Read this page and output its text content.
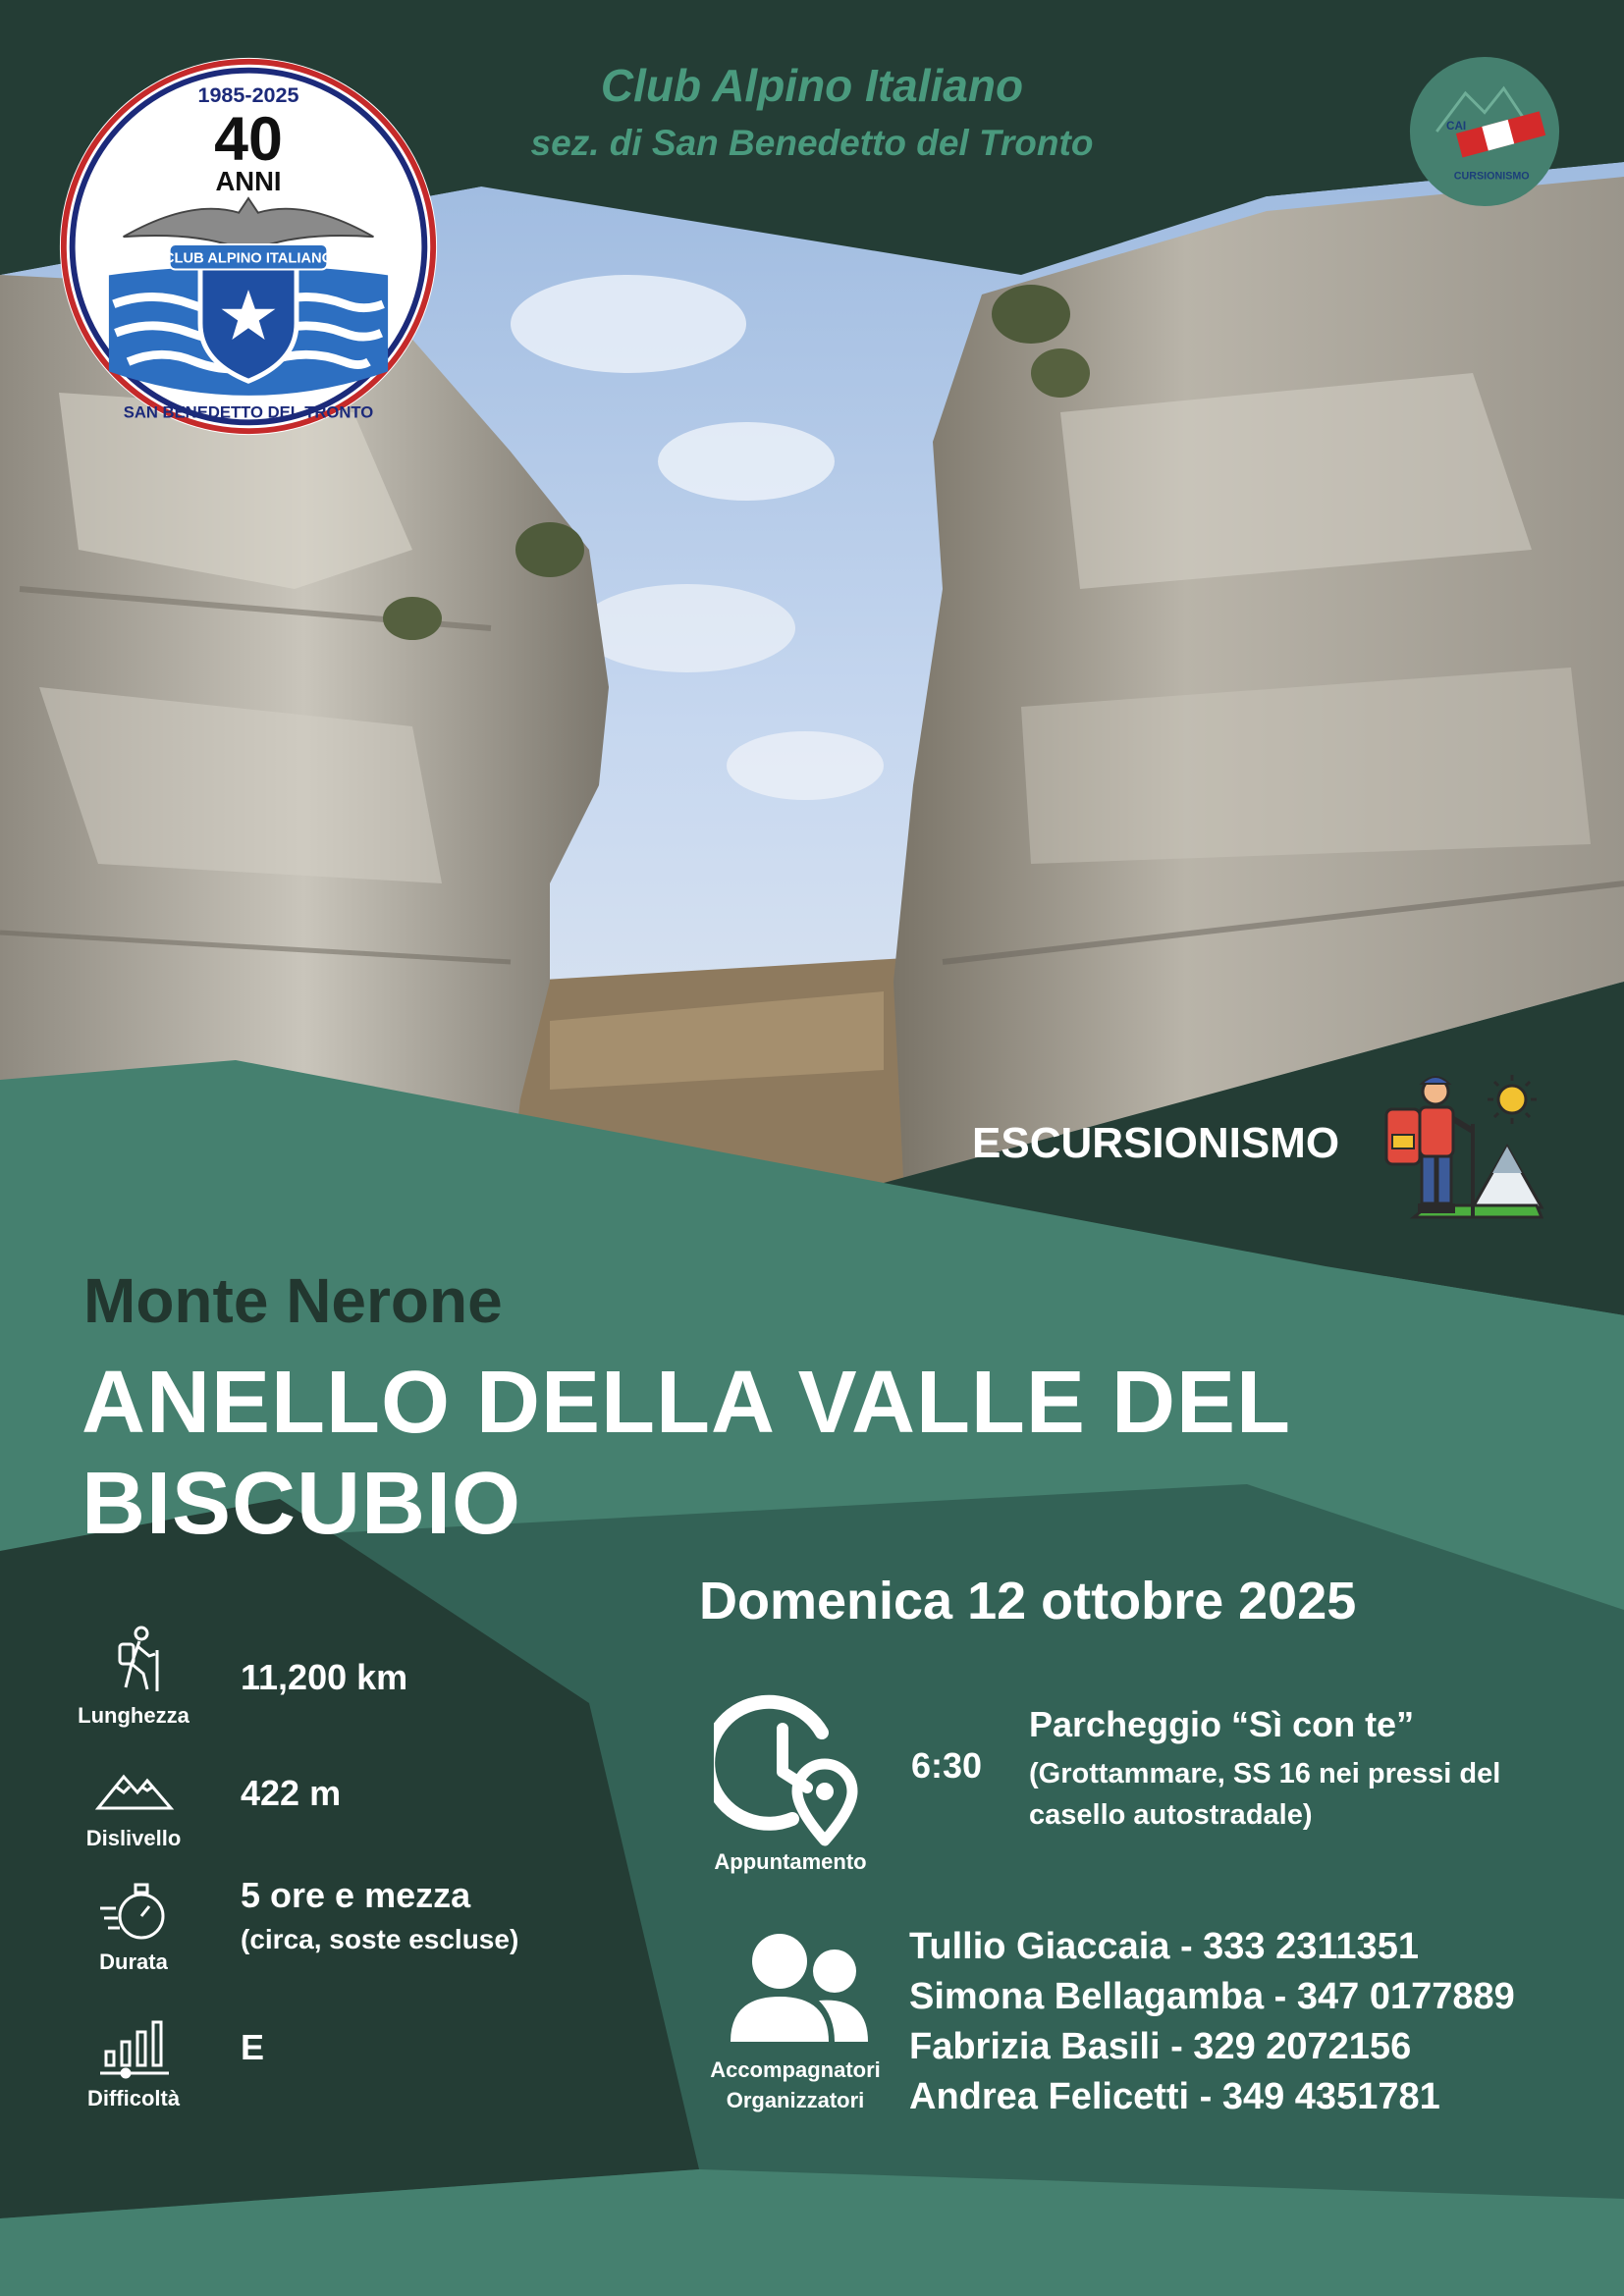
Club Alpino Italiano
sez. di San Benedetto del Tronto
1985-2025
40
ANNI
CLUB ALPINO ITALIANO
SAN BENEDETTO DEL TRONTO
CAI
CURSIONISMO
ESCURSIONISMO
Monte Nerone
ANELLO DELLA VALLE DEL BISCUBIO
Domenica 12 ottobre 2025
Lunghezza
11,200 km
Dislivello
422 m
Durata
5 ore e mezza
(circa, soste escluse)
Difficoltà
E
Appuntamento
6:30
Parcheggio “Sì con te”
(Grottammare, SS 16 nei pressi del casello autostradale)
Accompagnatori
Organizzatori
Tullio Giaccaia - 333 2311351
Simona Bellagamba - 347 0177889
Fabrizia Basili - 329 2072156
Andrea Felicetti - 349 4351781
